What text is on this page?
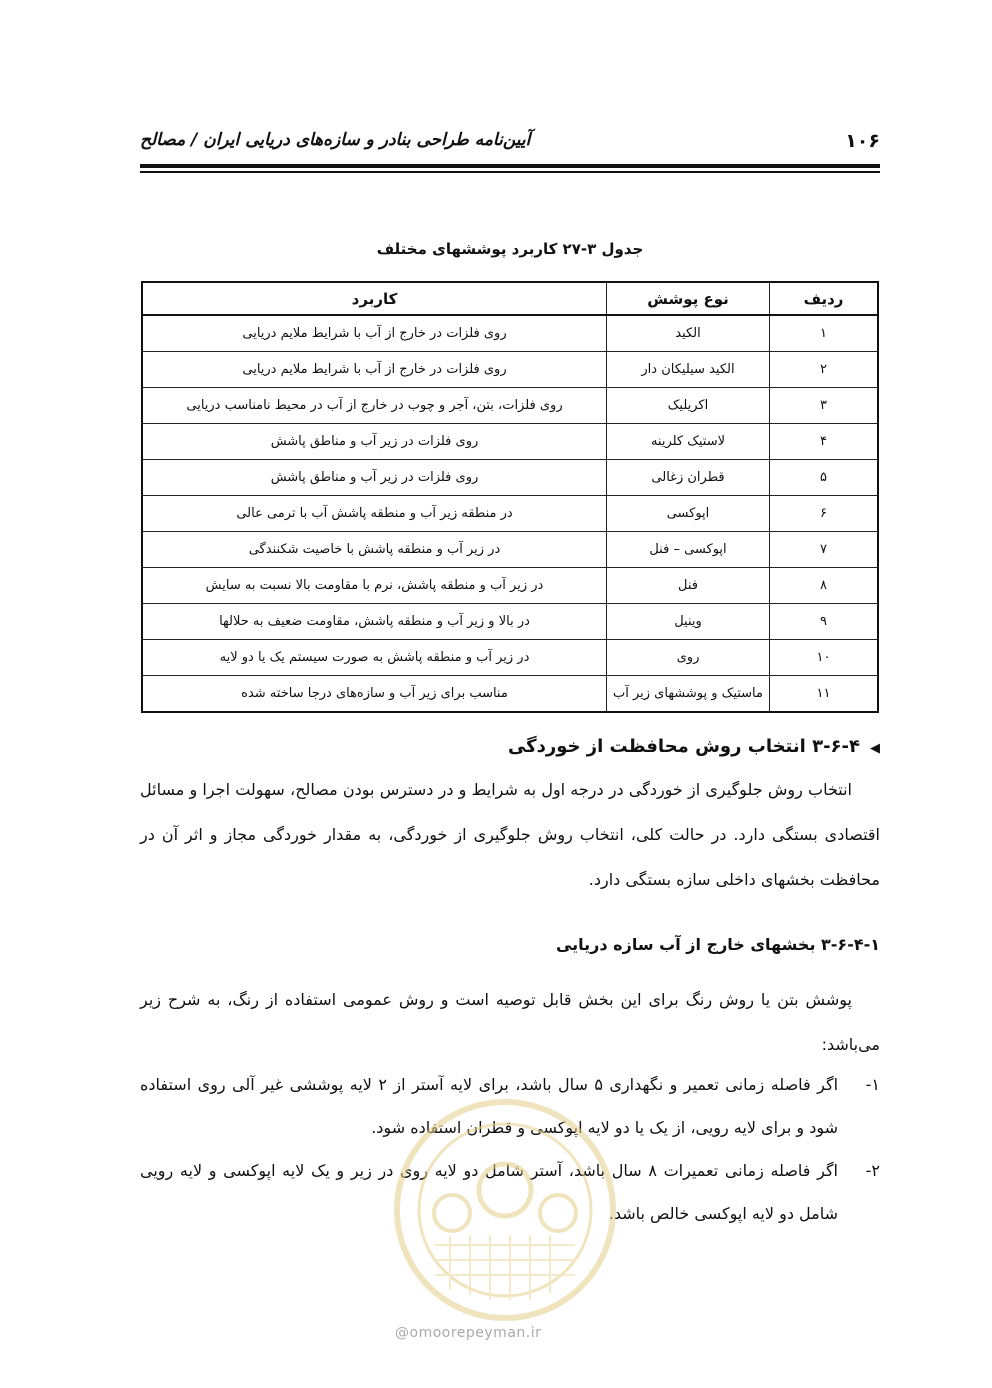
۱۰۶
آیین‌نامه طراحی بنادر و سازه‌های دریایی ایران / مصالح
جدول ۳-۲۷ کاربرد پوششهای مختلف
ردیف	نوع پوشش	کاربرد
۱	الکید	روی فلزات در خارج از آب با شرایط ملایم دریایی
۲	الکید سیلیکان دار	روی فلزات در خارج از آب با شرایط ملایم دریایی
۳	اکریلیک	روی فلزات، بتن، آجر و چوب در خارج از آب در محیط نامناسب دریایی
۴	لاستیک کلرینه	روی فلزات در زیر آب و مناطق پاشش
۵	قطران زغالی	روی فلزات در زیر آب و مناطق پاشش
۶	اپوکسی	در منطقه زیر آب و منطقه پاشش آب با ترمی عالی
۷	اپوکسی – فنل	در زیر آب و منطقه پاشش با خاصیت شکنندگی
۸	فنل	در زیر آب و منطقه پاشش، نرم با مقاومت بالا نسبت به سایش
۹	وینیل	در بالا و زیر آب و منطقه پاشش، مقاومت ضعیف به حلالها
۱۰	روی	در زیر آب و منطقه پاشش به صورت سیستم یک یا دو لایه
۱۱	ماستیک و پوششهای زیر آب	مناسب برای زیر آب و سازه‌های درجا ساخته شده
◀۳-۶-۴ انتخاب روش محافظت از خوردگی
انتخاب روش جلوگیری از خوردگی در درجه اول به شرایط و در دسترس بودن مصالح، سهولت اجرا و مسائل اقتصادی بستگی دارد. در حالت کلی، انتخاب روش جلوگیری از خوردگی، به مقدار خوردگی مجاز و اثر آن در محافظت بخشهای داخلی سازه بستگی دارد.
۳-۶-۴-۱ بخشهای خارج از آب سازه دریایی
پوشش بتن یا روش رنگ برای این بخش قابل توصیه است و روش عمومی استفاده از رنگ، به شرح زیر می‌باشد:
۱-
اگر فاصله زمانی تعمیر و نگهداری ۵ سال باشد، برای لایه آستر از ۲ لایه پوششی غیر آلی روی استفاده شود و برای لایه رویی، از یک یا دو لایه اپوکسی و قطران استفاده شود.
۲-
اگر فاصله زمانی تعمیرات ۸ سال باشد، آستر شامل دو لایه روی در زیر و یک لایه اپوکسی و لایه رویی شامل دو لایه اپوکسی خالص باشد.
@omoorepeyman.ir
